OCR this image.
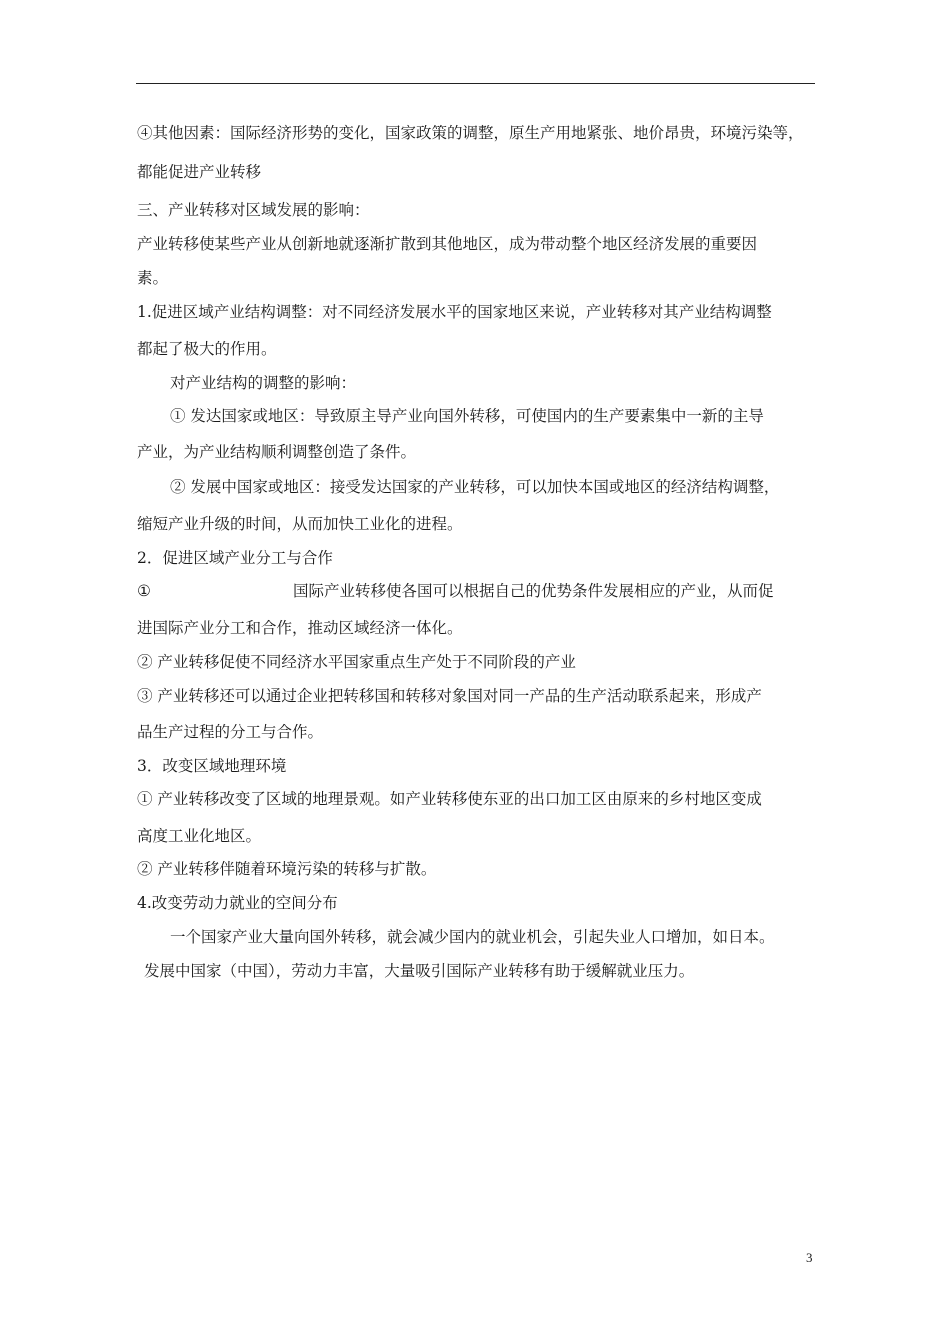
④其他因素：国际经济形势的变化，国家政策的调整，原生产用地紧张、地价昂贵，环境污染等，
都能促进产业转移
三、产业转移对区域发展的影响：
产业转移使某些产业从创新地就逐渐扩散到其他地区，成为带动整个地区经济发展的重要因
素。
1.促进区域产业结构调整：对不同经济发展水平的国家地区来说，产业转移对其产业结构调整
都起了极大的作用。
对产业结构的调整的影响：
① 发达国家或地区：导致原主导产业向国外转移，可使国内的生产要素集中一新的主导
产业，为产业结构顺利调整创造了条件。
② 发展中国家或地区：接受发达国家的产业转移，可以加快本国或地区的经济结构调整，
缩短产业升级的时间，从而加快工业化的进程。
2．促进区域产业分工与合作
①	国际产业转移使各国可以根据自己的优势条件发展相应的产业，从而促
进国际产业分工和合作，推动区域经济一体化。
② 产业转移促使不同经济水平国家重点生产处于不同阶段的产业
③ 产业转移还可以通过企业把转移国和转移对象国对同一产品的生产活动联系起来，形成产
品生产过程的分工与合作。
3．改变区域地理环境
① 产业转移改变了区域的地理景观。如产业转移使东亚的出口加工区由原来的乡村地区变成
高度工业化地区。
② 产业转移伴随着环境污染的转移与扩散。
4.改变劳动力就业的空间分布
一个国家产业大量向国外转移，就会减少国内的就业机会，引起失业人口增加，如日本。
发展中国家（中国），劳动力丰富，大量吸引国际产业转移有助于缓解就业压力。
3
